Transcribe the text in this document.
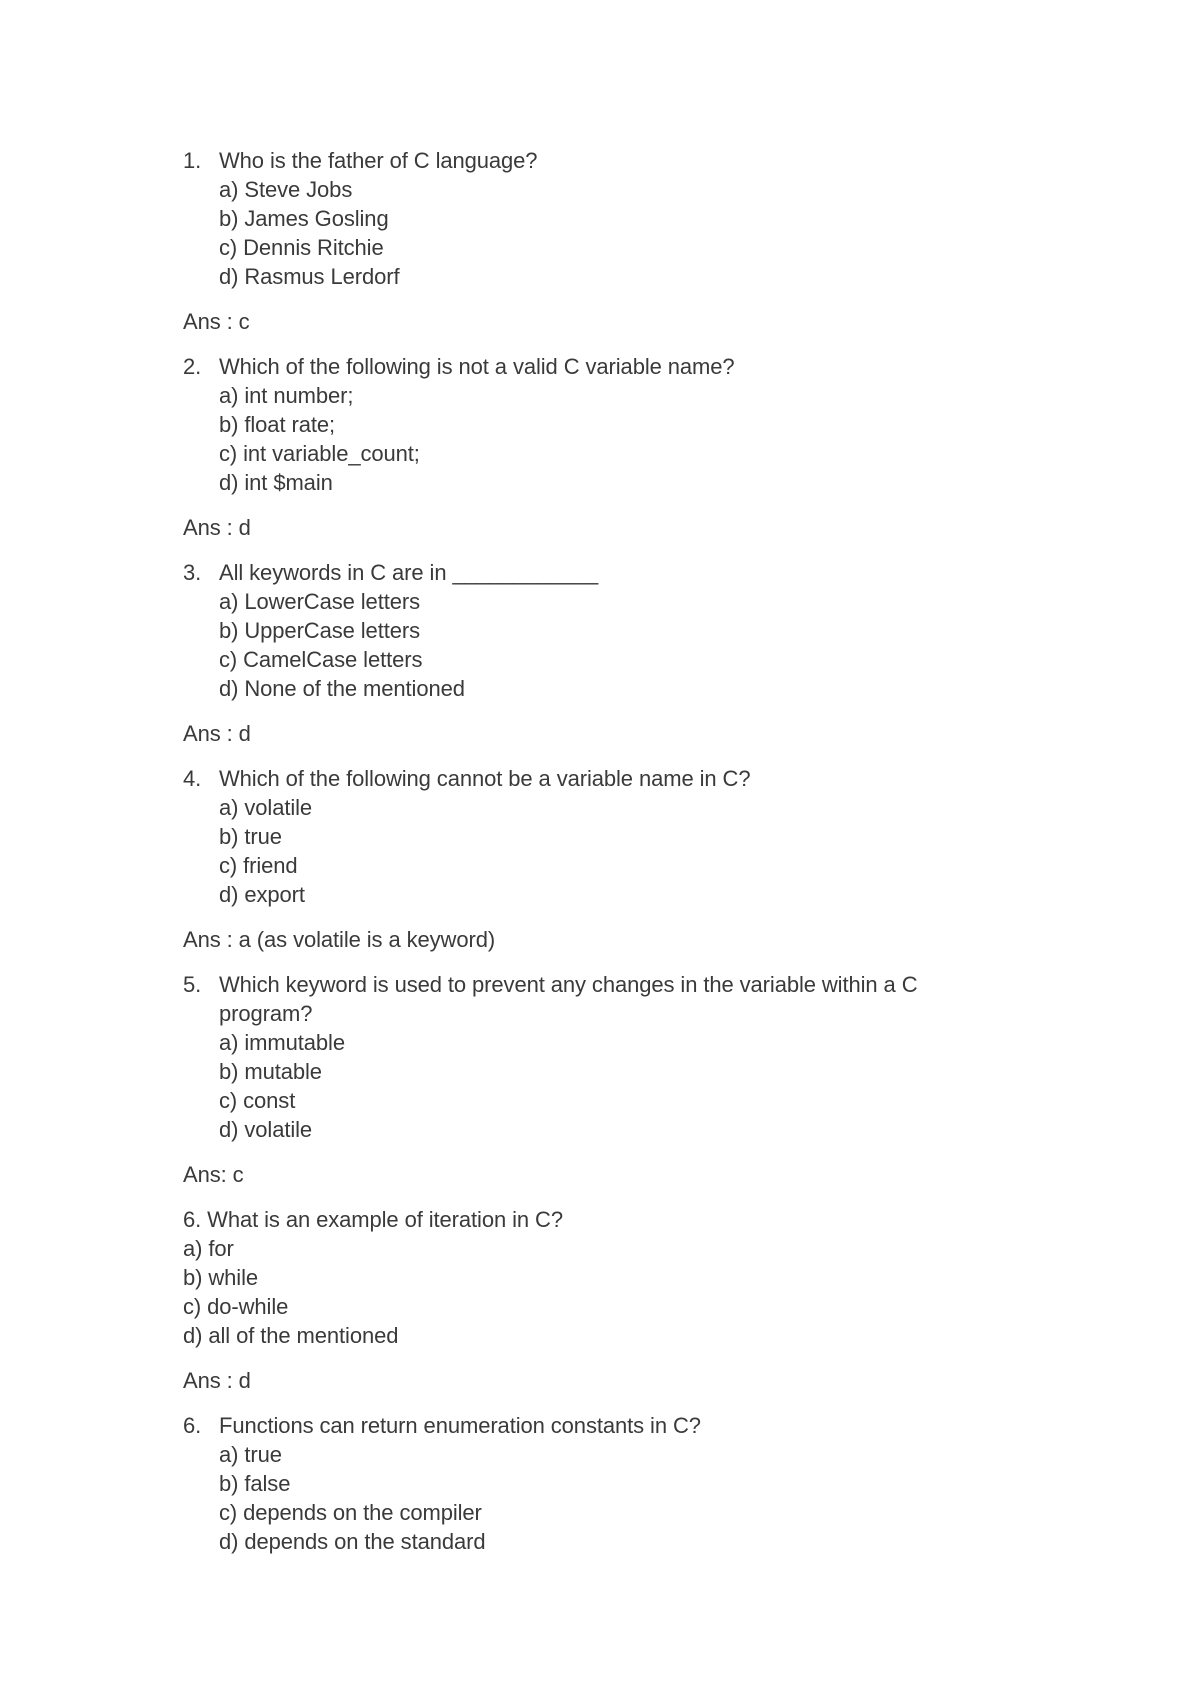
1. Who is the father of C language?
a) Steve Jobs
b) James Gosling
c) Dennis Ritchie
d) Rasmus Lerdorf
Ans : c
2. Which of the following is not a valid C variable name?
a) int number;
b) float rate;
c) int variable_count;
d) int $main
Ans : d
3. All keywords in C are in ____________
a) LowerCase letters
b) UpperCase letters
c) CamelCase letters
d) None of the mentioned
Ans : d
4. Which of the following cannot be a variable name in C?
a) volatile
b) true
c) friend
d) export
Ans : a (as volatile is a keyword)
5. Which keyword is used to prevent any changes in the variable within a C program?
a) immutable
b) mutable
c) const
d) volatile
Ans: c
6. What is an example of iteration in C?
a) for
b) while
c) do-while
d) all of the mentioned
Ans : d
6. Functions can return enumeration constants in C?
a) true
b) false
c) depends on the compiler
d) depends on the standard
